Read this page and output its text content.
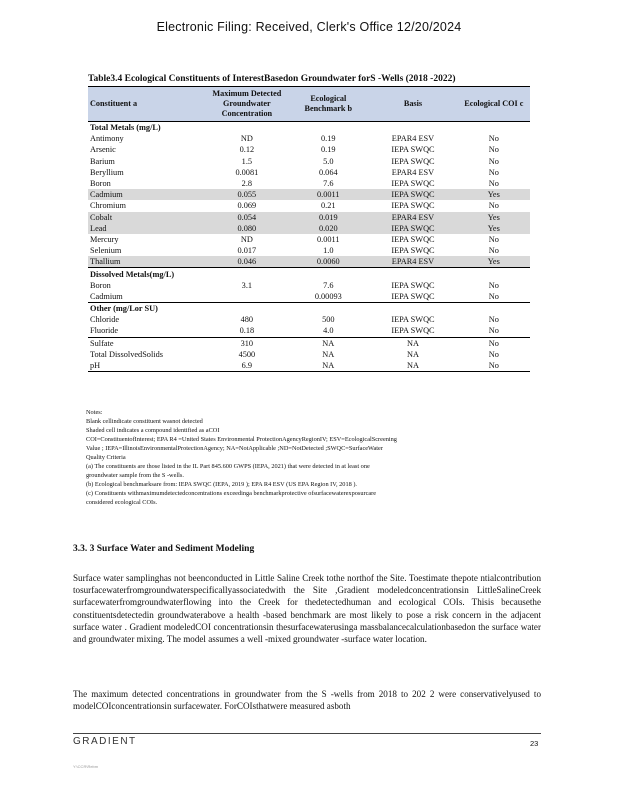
Electronic Filing: Received, Clerk's Office 12/20/2024
Table3.4 Ecological Constituents of InterestBasedon Groundwater forS -Wells (2018 -2022)
Constituent a	Maximum Detected Groundwater Concentration	Ecological Benchmark b	Basis	Ecological COI c
Total Metals (mg/L)				
Antimony	ND	0.19	EPAR4 ESV	No
Arsenic	0.12	0.19	IEPA SWQC	No
Barium	1.5	5.0	IEPA SWQC	No
Beryllium	0.0081	0.064	EPAR4 ESV	No
Boron	2.8	7.6	IEPA SWQC	No
Cadmium	0.055	0.0011	IEPA SWQC	Yes
Chromium	0.069	0.21	IEPA SWQC	No
Cobalt	0.054	0.019	EPAR4 ESV	Yes
Lead	0.080	0.020	IEPA SWQC	Yes
Mercury	ND	0.0011	IEPA SWQC	No
Selenium	0.017	1.0	IEPA SWQC	No
Thallium	0.046	0.0060	EPAR4 ESV	Yes
Dissolved Metals(mg/L)				
Boron	3.1	7.6	IEPA SWQC	No
Cadmium		0.00093	IEPA SWQC	No
Other (mg/Lor SU)				
Chloride	480	500	IEPA SWQC	No
Fluoride	0.18	4.0	IEPA SWQC	No
Sulfate	310	NA	NA	No
Total DissolvedSolids	4500	NA	NA	No
pH	6.9	NA	NA	No
Notes:
Blank cellindicate constituent wasnot detected
Shaded cell indicates a compound identified as aCOI
COI=ConstituentofInterest; EPA R4 =United States Environmental ProtectionAgencyRegionIV; ESV=EcologicalScreening
Value ; IEPA=IllinoisEnvironmentalProtectionAgency; NA=NotApplicable ;ND=NotDetected ;SWQC=SurfaceWater
Quality Criteria
(a) The constituents are those listed in the IL Part 845.600 GWPS (IEPA, 2021) that were detected in at least one
groundwater sample from the S -wells.
(b) Ecological benchmarksare from: IEPA SWQC (IEPA, 2019 ); EPA R4 ESV (US EPA Region IV, 2018 ).
(c) Constituents withmaximumdetectedconcentrations exceedinga benchmarkprotective ofsurfacewaterexposurcare
considered ecological COIs.
3.3. 3 Surface Water and Sediment Modeling
Surface water samplinghas not beenconducted in Little Saline Creek tothe northof the Site. Toestimate thepote ntialcontribution tosurfacewaterfromgroundwaterspecificallyassociatedwith the Site ,Gradient modeledconcentrationsin LittleSalineCreek surfacewaterfromgroundwaterflowing into the Creek for thedetectedhuman and ecological COIs. Thisis becausethe constituentsdetectedin groundwaterabove a health -based benchmark are most likely to pose a risk concern in the adjacent surface water . Gradient modeledCOI concentrationsin thesurfacewaterusinga massbalancecalculationbasedon the surface water and groundwater mixing. The model assumes a well -mixed groundwater -surface water location.
The maximum detected concentrations in groundwater from the S -wells from 2018 to 202 2 were conservativelyused to modelCOIconcentrationsin surfacewater. ForCOIsthatwere measured asboth
GRADIENT	23
Y:\CCR\Rebm
